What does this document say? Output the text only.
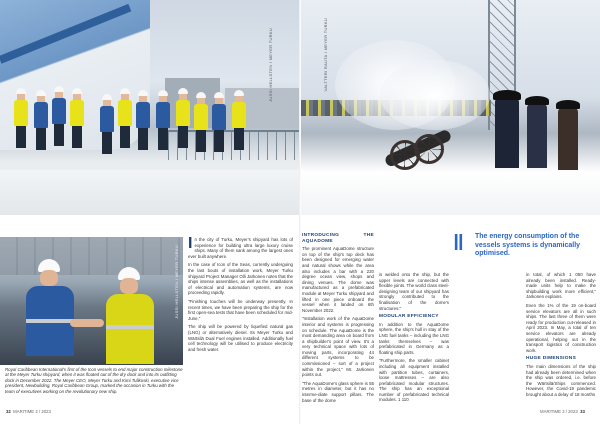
JUSSI HELLSTEN / MEYER TURKU	VALTTERI RAUTA / MEYER TURKU
JUSSI HELLSTEN / MEYER TURKU
Royal Caribbean International's first of the Icon vessels to end major construction milestone at the Meyer Turku shipyard, when it was floated out of the dry dock and into its outfitting dock in December 2022. The Meyer CEO, Meyer Turku and Kimi Tulikoski, executive vice president, Newbuilding, Royal Caribbean Group, marked the occasion in Turku with the team of executives working on the revolutionary new ship.

In the city of Turku, Meyer's shipyard has lots of experience for building ultra large luxury cruise ships. Many of them sank among the largest ones ever built anywhere.

In the case of Icon of the Seas, currently undergoing the last bouts of installation work, Meyer Turku shipyard Project Manager Olli Jarkonen notes that the ships intense assemblies, as well as the installations of electrical and automation systems, are now proceeding rapidly.

"Finishing touches will be underway presently. In recent times, we have been preparing the ship for the first open-sea tests that have been scheduled for mid-June,"

The ship will be powered by liquefied natural gas (LNG) or alternatively diesel. Its Meyer Turku and Wärtsilä Dual Fuel engines installed. Additionally fuel cell technology will be utilised to produce electricity and fresh water.

INTRODUCING THE AQUADOME

The prominent AquaDome structure on top of the ship's top deck has been designed for emerging water and natural shows while the area also includes a bar with a 220 degree ocean view, shops and dining venues. The dome was manufactured as a prefabricated module at Meyer Turku shipyard and lifted in one piece onboard the vessel when it landed on 6th November 2022.

"Installation work of the AquaDome interior and systems is progressing on schedule. The AquaDome is the most demanding area on board from a shipbuilder's point of view. It's a very technical space with lots of moving parts, incorporating 44 different systems to be commissioned – sort of a project within the project," Mr. Jarkonen points out.

"The AquaDome's glass sphere is 55 metres in diameter, but it has no interme-diate support pillars. The base of the dome

is welded onto the ship, but the upper levels are connected with flexible joints. The world class steel-designing team of our shipyard has strongly contributed to the finalisation of the dome's structures."

MODULAR EFFICIENCY

In addition to the AquaDome sphere, the ship's hull in stay of the LNG fuel tanks – including the LNG tanks themselves – was prefabricated in Germany as a floating ship parts.

"Furthermore, the smaller cabinet including all equipment installed with partition tubes, curtainers, loose mattresses – are also prefabricated modular structures. The ship has an exceptional number of prefabricated technical modules. 1 110

‖ The energy consumption of the vessels systems is dynamically optimised.

in total, of which 1 050 have already been installed. Ready-made units help to make the shipbuilding work more efficient," Jarkonen explains.

Even the 1% of the 19 on-board service elevators are all in such ships. The last three of them were ready for production cut-released in April 2023. In May, a total of ten service elevators are already operational, helping out in the transport logistics of construction work.

HUGE DIMENSIONS

The main dimensions of the ship had already been determined when the ship was ordered, i.e. before the Wärtsilä/Ships commenced. However, the Covid-19 pandemic brought about a delay of 18 months

32 MARITIME 2 / 2023	MARITIME 2 / 2023 33
